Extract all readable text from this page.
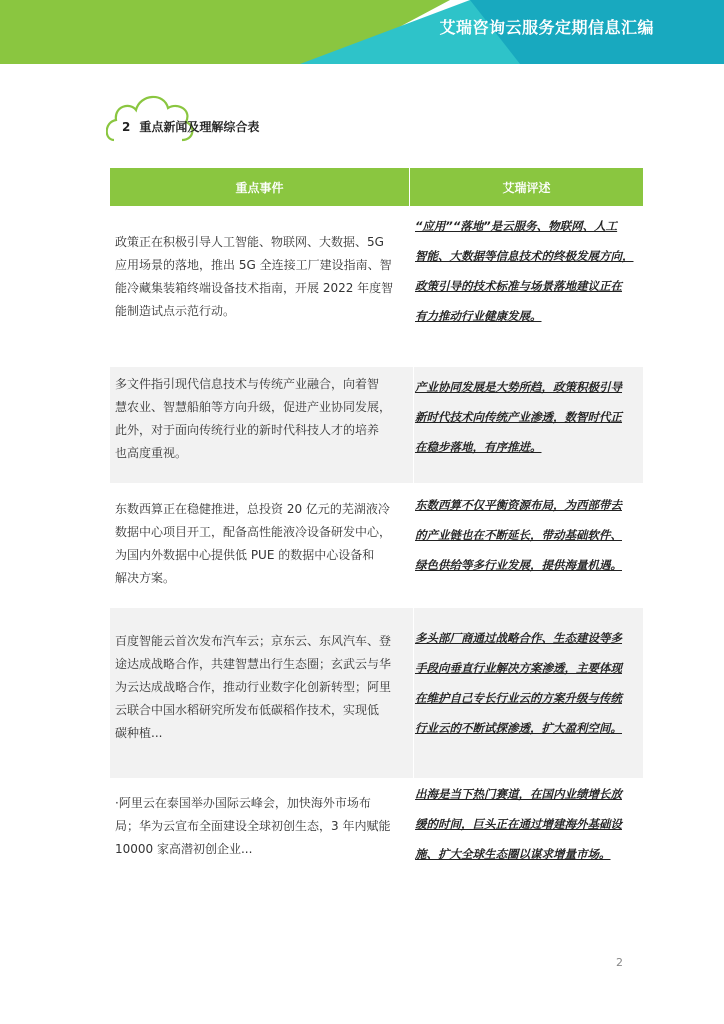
艾瑞咨询云服务定期信息汇编
2 重点新闻及理解综合表
重点事件	艾瑞评述
政策正在积极引导人工智能、物联网、大数据、5G
应用场景的落地，推出 5G 全连接工厂建设指南、智
能冷藏集装箱终端设备技术指南，开展 2022 年度智
能制造试点示范行动。
“应用”“落地”是云服务、物联网、人工
智能、大数据等信息技术的终极发展方向，
政策引导的技术标准与场景落地建议正在
有力推动行业健康发展。
多文件指引现代信息技术与传统产业融合，向着智
慧农业、智慧船舶等方向升级，促进产业协同发展，
此外，对于面向传统行业的新时代科技人才的培养
也高度重视。
产业协同发展是大势所趋，政策积极引导
新时代技术向传统产业渗透，数智时代正
在稳步落地，有序推进。
东数西算正在稳健推进，总投资 20 亿元的芜湖液冷
数据中心项目开工，配备高性能液冷设备研发中心，
为国内外数据中心提供低 PUE 的数据中心设备和
解决方案。
东数西算不仅平衡资源布局，为西部带去
的产业链也在不断延长，带动基础软件、
绿色供给等多行业发展，提供海量机遇。
百度智能云首次发布汽车云；京东云、东风汽车、登
途达成战略合作，共建智慧出行生态圈；玄武云与华
为云达成战略合作，推动行业数字化创新转型；阿里
云联合中国水稻研究所发布低碳稻作技术，实现低
碳种植...
多头部厂商通过战略合作、生态建设等多
手段向垂直行业解决方案渗透，主要体现
在维护自己专长行业云的方案升级与传统
行业云的不断试探渗透，扩大盈利空间。
·阿里云在泰国举办国际云峰会，加快海外市场布
局；华为云宣布全面建设全球初创生态，3 年内赋能
10000 家高潜初创企业...
出海是当下热门赛道，在国内业绩增长放
缓的时间，巨头正在通过增建海外基础设
施、扩大全球生态圈以谋求增量市场。
2
